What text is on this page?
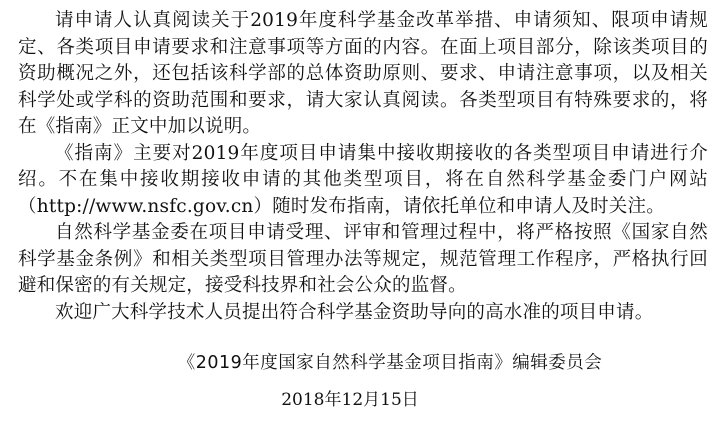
请申请人认真阅读关于2019年度科学基金改革举措、申请须知、限项申请规定、各类项目申请要求和注意事项等方面的内容。在面上项目部分，除该类项目的资助概况之外，还包括该科学部的总体资助原则、要求、申请注意事项，以及相关科学处或学科的资助范围和要求，请大家认真阅读。各类型项目有特殊要求的，将在《指南》正文中加以说明。

《指南》主要对2019年度项目申请集中接收期接收的各类型项目申请进行介绍。不在集中接收期接收申请的其他类型项目，将在自然科学基金委门户网站（http://www.nsfc.gov.cn）随时发布指南，请依托单位和申请人及时关注。

自然科学基金委在项目申请受理、评审和管理过程中，将严格按照《国家自然科学基金条例》和相关类型项目管理办法等规定，规范管理工作程序，严格执行回避和保密的有关规定，接受科技界和社会公众的监督。

欢迎广大科学技术人员提出符合科学基金资助导向的高水准的项目申请。

《2019年度国家自然科学基金项目指南》编辑委员会
2018年12月15日
